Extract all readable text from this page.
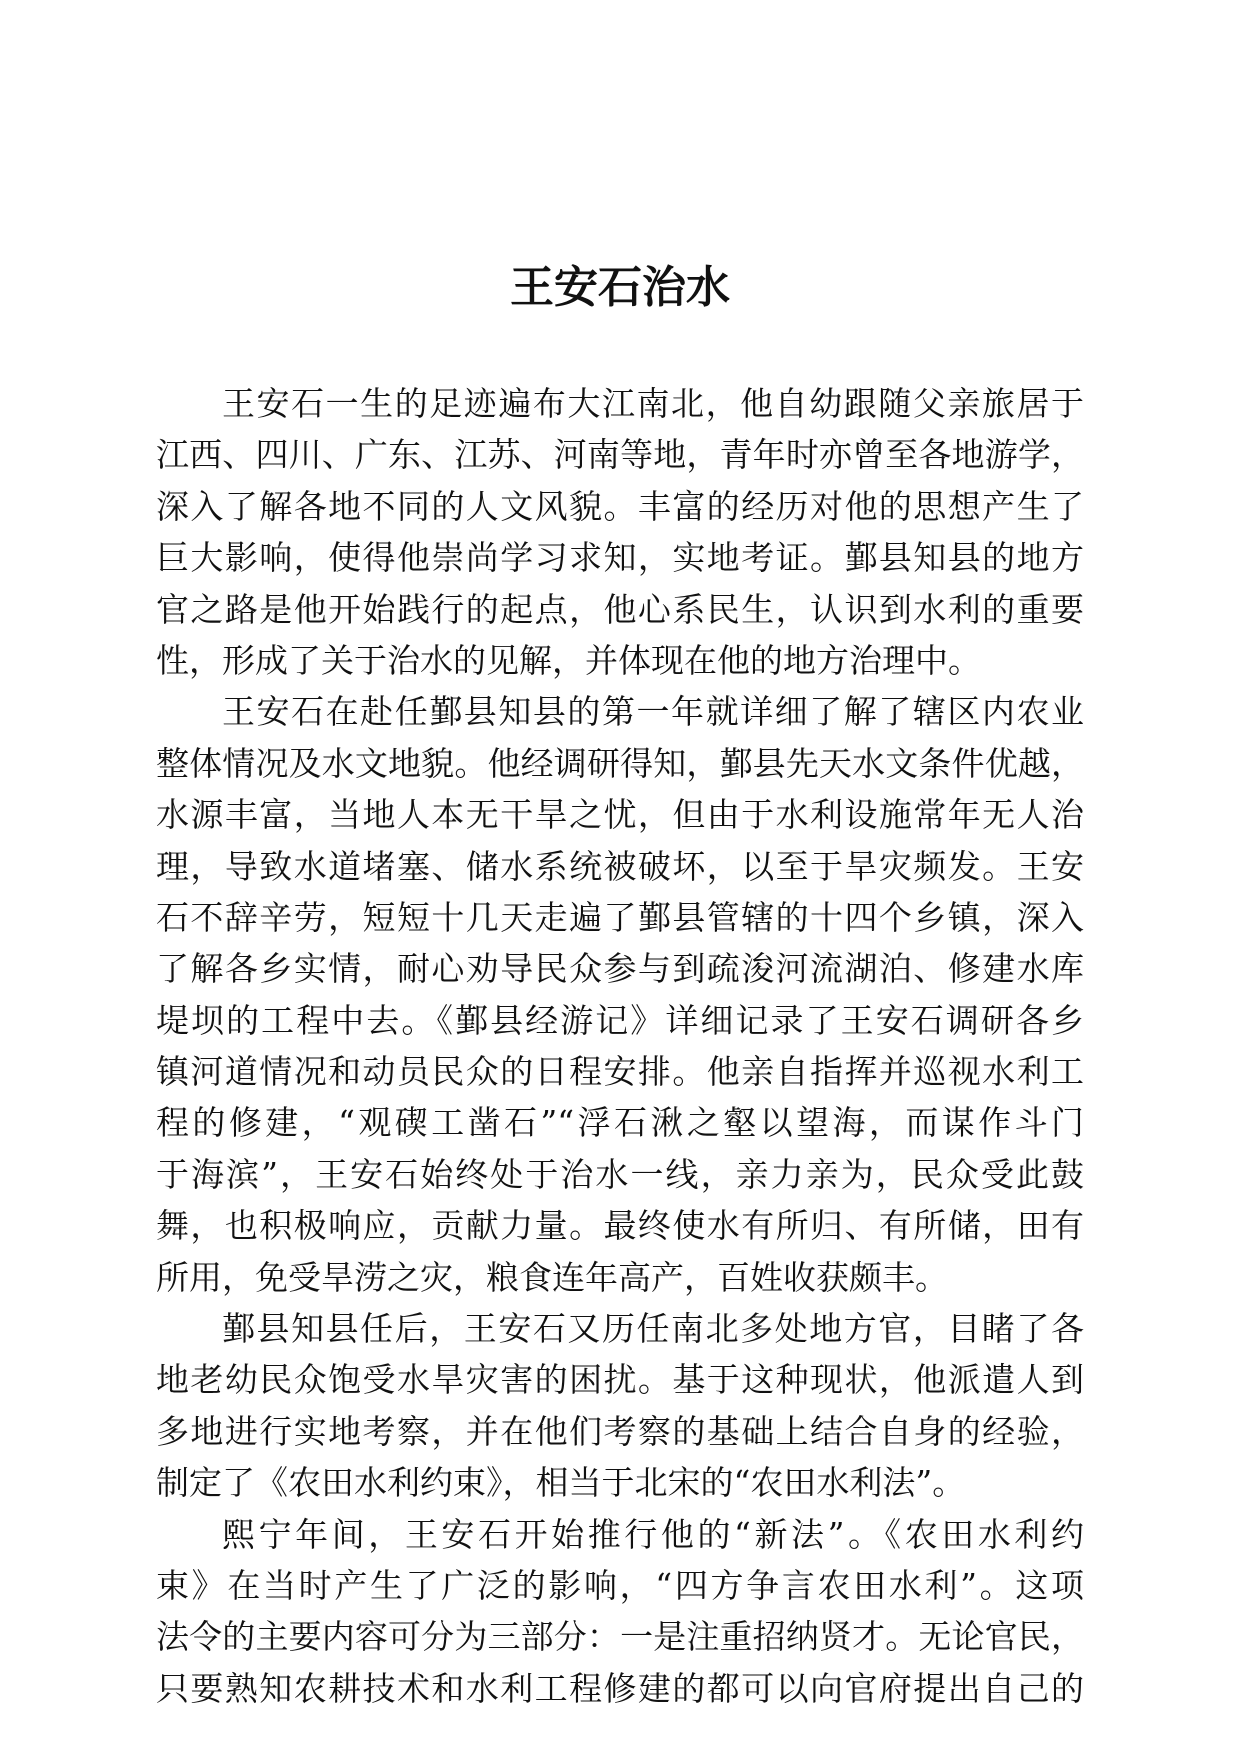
王安石治水
王安石一生的足迹遍布大江南北，他自幼跟随父亲旅居于
江西、四川、广东、江苏、河南等地，青年时亦曾至各地游学，
深入了解各地不同的人文风貌。丰富的经历对他的思想产生了
巨大影响，使得他崇尚学习求知，实地考证。鄞县知县的地方
官之路是他开始践行的起点，他心系民生，认识到水利的重要
性，形成了关于治水的见解，并体现在他的地方治理中。
王安石在赴任鄞县知县的第一年就详细了解了辖区内农业
整体情况及水文地貌。他经调研得知，鄞县先天水文条件优越，
水源丰富，当地人本无干旱之忧，但由于水利设施常年无人治
理，导致水道堵塞、储水系统被破坏，以至于旱灾频发。王安
石不辞辛劳，短短十几天走遍了鄞县管辖的十四个乡镇，深入
了解各乡实情，耐心劝导民众参与到疏浚河流湖泊、修建水库
堤坝的工程中去。《鄞县经游记》详细记录了王安石调研各乡
镇河道情况和动员民众的日程安排。他亲自指挥并巡视水利工
程的修建，“观碶工凿石”“浮石湫之壑以望海，而谋作斗门
于海滨”，王安石始终处于治水一线，亲力亲为，民众受此鼓
舞，也积极响应，贡献力量。最终使水有所归、有所储，田有
所用，免受旱涝之灾，粮食连年高产，百姓收获颇丰。
鄞县知县任后，王安石又历任南北多处地方官，目睹了各
地老幼民众饱受水旱灾害的困扰。基于这种现状，他派遣人到
多地进行实地考察，并在他们考察的基础上结合自身的经验，
制定了《农田水利约束》，相当于北宋的“农田水利法”。
熙宁年间，王安石开始推行他的“新法”。《农田水利约
束》在当时产生了广泛的影响，“四方争言农田水利”。这项
法令的主要内容可分为三部分：一是注重招纳贤才。无论官民，
只要熟知农耕技术和水利工程修建的都可以向官府提出自己的
